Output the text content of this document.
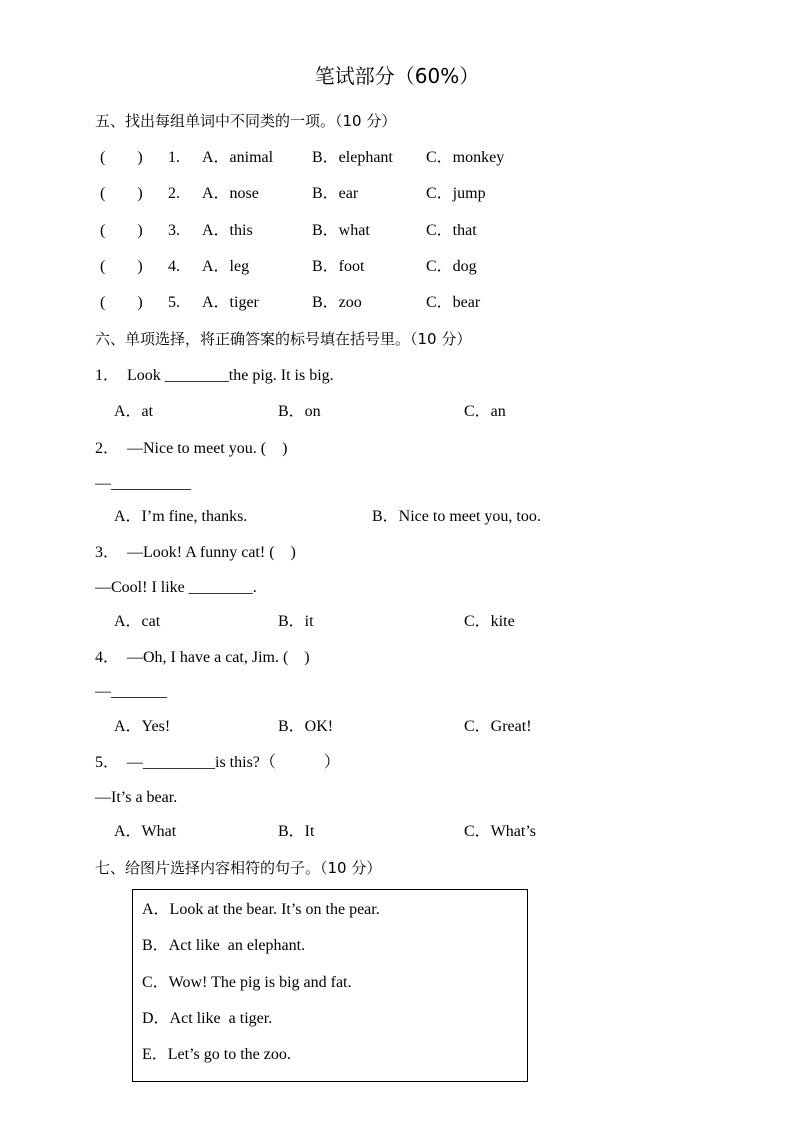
笔试部分（60%）
五、找出每组单词中不同类的一项。（10 分）
(　　) 1. A．animal B．elephant C．monkey
(　　) 2. A．nose	B．ear	C．jump
(　　) 3. A．this	B．what	C．that
(　　) 4. A．leg	B．foot	C．dog
(　　) 5. A．tiger	B．zoo	C．bear
六、单项选择，将正确答案的标号填在括号里。（10 分）
1．　Look ________the pig. It is big.
A．at	B．on	C．an
2．　—Nice to meet you. (　)
—__________
A．I’m fine, thanks.	B．Nice to meet you, too.
3．　—Look! A funny cat! (　)
—Cool! I like ________.
A．cat	B．it	C．kite
4．　—Oh, I have a cat, Jim. (　)
—_______
A．Yes!	B．OK!	C．Great!
5．　—_________is this?（　　　）
—It’s a bear.
A．What	B．It	C．What’s
七、给图片选择内容相符的句子。（10 分）
A．Look at the bear. It’s on the pear.
B．Act like  an elephant.
C．Wow! The pig is big and fat.
D．Act like  a tiger.
E．Let’s go to the zoo.
